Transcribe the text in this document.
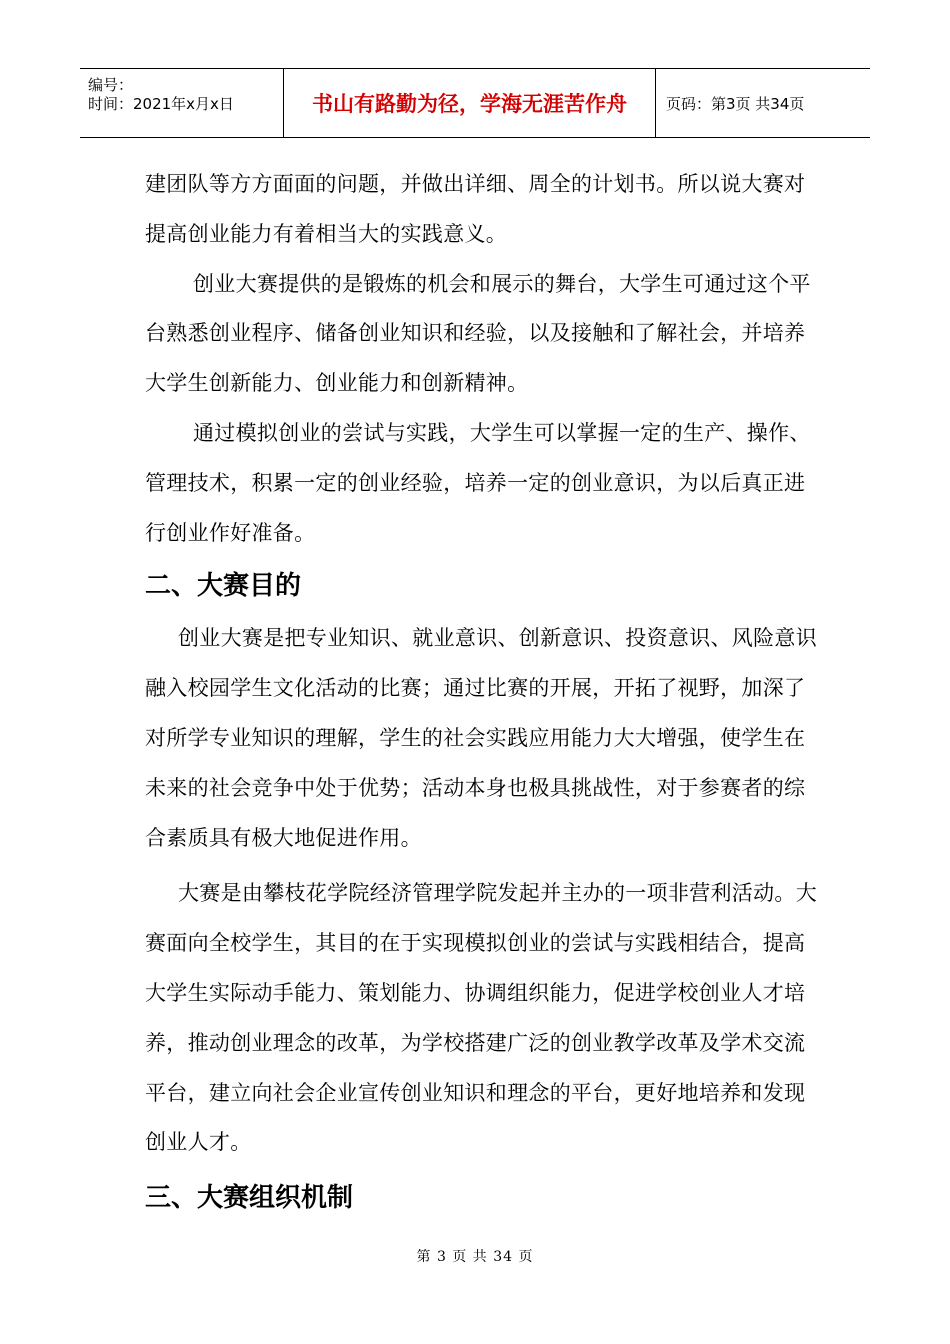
编号：
时间：2021年x月x日	书山有路勤为径，学海无涯苦作舟	页码：第3页 共34页

建团队等方方面面的问题，并做出详细、周全的计划书。所以说大赛对提高创业能力有着相当大的实践意义。

创业大赛提供的是锻炼的机会和展示的舞台，大学生可通过这个平台熟悉创业程序、储备创业知识和经验，以及接触和了解社会，并培养大学生创新能力、创业能力和创新精神。

通过模拟创业的尝试与实践，大学生可以掌握一定的生产、操作、管理技术，积累一定的创业经验，培养一定的创业意识，为以后真正进行创业作好准备。

二、大赛目的

创业大赛是把专业知识、就业意识、创新意识、投资意识、风险意识融入校园学生文化活动的比赛；通过比赛的开展，开拓了视野，加深了对所学专业知识的理解，学生的社会实践应用能力大大增强，使学生在未来的社会竞争中处于优势；活动本身也极具挑战性，对于参赛者的综合素质具有极大地促进作用。

大赛是由攀枝花学院经济管理学院发起并主办的一项非营利活动。大赛面向全校学生，其目的在于实现模拟创业的尝试与实践相结合，提高大学生实际动手能力、策划能力、协调组织能力，促进学校创业人才培养，推动创业理念的改革，为学校搭建广泛的创业教学改革及学术交流平台，建立向社会企业宣传创业知识和理念的平台，更好地培养和发现创业人才。

三、大赛组织机制
第 3 页 共 34 页
